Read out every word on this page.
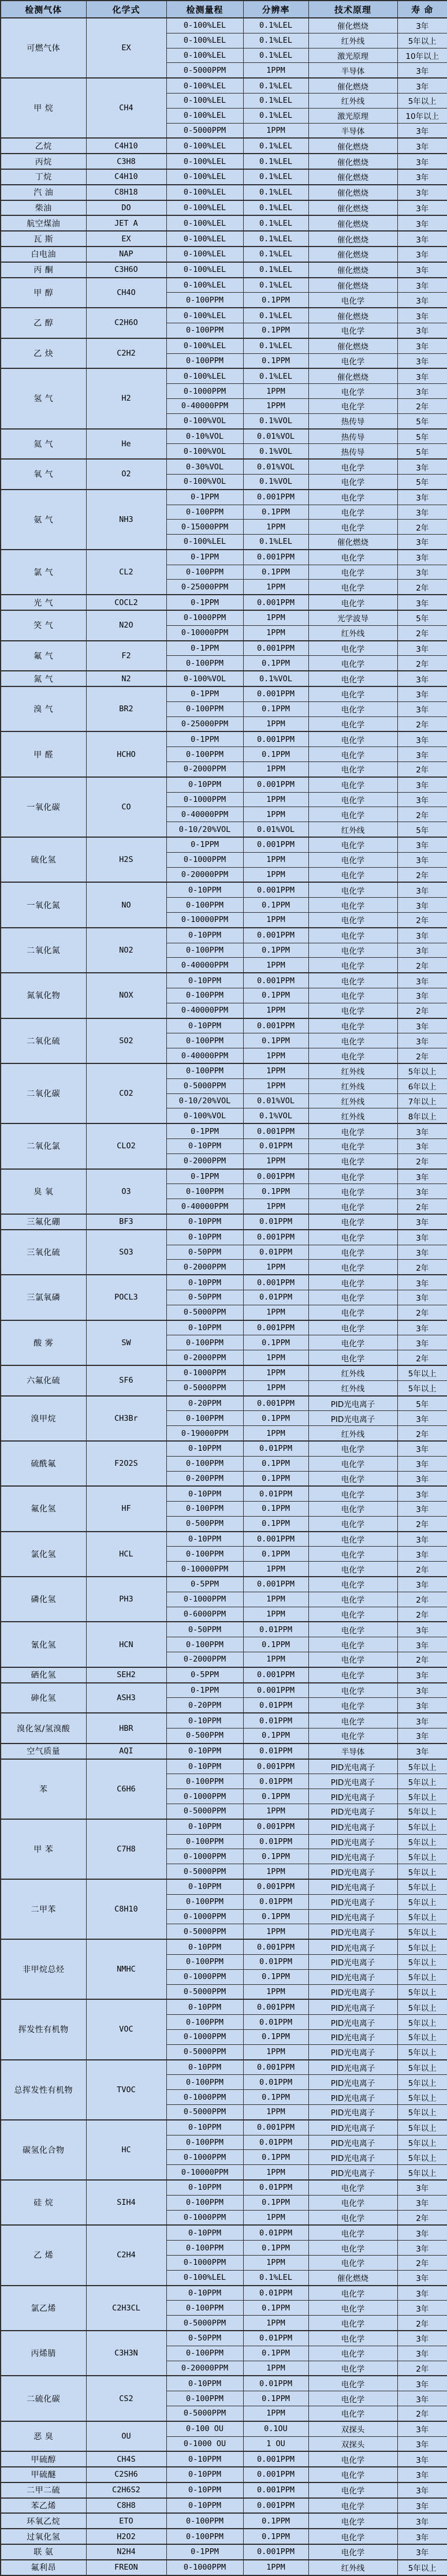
检测气体	化学式	检测量程	分辨率	技术原理	寿 命
可燃气体	EX	0-100%LEL	0.1%LEL	催化燃烧	3年
		0-100%LEL	0.1%LEL	红外线	5年以上
		0-100%LEL	0.1%LEL	激光原理	10年以上
		0-5000PPM	1PPM	半导体	3年
甲 烷	CH4	0-100%LEL	0.1%LEL	催化燃烧	3年
		0-100%LEL	0.1%LEL	红外线	5年以上
		0-100%LEL	0.1%LEL	激光原理	10年以上
		0-5000PPM	1PPM	半导体	3年
乙烷	C4H10	0-100%LEL	0.1%LEL	催化燃烧	3年
丙烷	C3H8	0-100%LEL	0.1%LEL	催化燃烧	3年
丁烷	C4H10	0-100%LEL	0.1%LEL	催化燃烧	3年
汽 油	C8H18	0-100%LEL	0.1%LEL	催化燃烧	3年
柴油	DO	0-100%LEL	0.1%LEL	催化燃烧	3年
航空煤油	JET A	0-100%LEL	0.1%LEL	催化燃烧	3年
瓦 斯	EX	0-100%LEL	0.1%LEL	催化燃烧	3年
白电油	NAP	0-100%LEL	0.1%LEL	催化燃烧	3年
丙 酮	C3H6O	0-100%LEL	0.1%LEL	催化燃烧	3年
甲 醇	CH4O	0-100%LEL	0.1%LEL	催化燃烧	3年
		0-100PPM	0.1PPM	电化学	3年
乙 醇	C2H6O	0-100%LEL	0.1%LEL	催化燃烧	3年
		0-100PPM	0.1PPM	电化学	3年
乙 炔	C2H2	0-100%LEL	0.1%LEL	催化燃烧	3年
		0-100PPM	0.1PPM	电化学	3年
氢 气	H2	0-100%LEL	0.1%LEL	催化燃烧	3年
		0-1000PPM	1PPM	电化学	3年
		0-40000PPM	1PPM	电化学	2年
		0-100%VOL	0.1%VOL	热传导	5年
氦 气	He	0-10%VOL	0.01%VOL	热传导	5年
		0-100%VOL	0.1%VOL	热传导	5年
氧 气	O2	0-30%VOL	0.01%VOL	电化学	3年
		0-100%VOL	0.1%VOL	电化学	5年
氨 气	NH3	0-1PPM	0.001PPM	电化学	3年
		0-100PPM	0.1PPM	电化学	3年
		0-15000PPM	1PPM	电化学	2年
		0-100%LEL	0.1%LEL	催化燃烧	3年
氯 气	CL2	0-1PPM	0.001PPM	电化学	3年
		0-100PPM	0.1PPM	电化学	3年
		0-25000PPM	1PPM	电化学	2年
光 气	COCL2	0-1PPM	0.001PPM	电化学	3年
笑 气	N2O	0-1000PPM	1PPM	光学波导	5年
		0-10000PPM	1PPM	红外线	2年
氟 气	F2	0-1PPM	0.001PPM	电化学	3年
		0-100PPM	0.1PPM	电化学	2年
氮 气	N2	0-100%VOL	0.1%VOL	电化学	3年
溴 气	BR2	0-1PPM	0.001PPM	电化学	3年
		0-100PPM	0.1PPM	电化学	3年
		0-25000PPM	1PPM	电化学	2年
甲 醛	HCHO	0-1PPM	0.001PPM	电化学	3年
		0-100PPM	0.1PPM	电化学	3年
		0-2000PPM	1PPM	电化学	2年
一氧化碳	CO	0-10PPM	0.001PPM	电化学	3年
		0-1000PPM	1PPM	电化学	3年
		0-40000PPM	1PPM	电化学	2年
		0-10/20%VOL	0.01%VOL	红外线	5年
硫化氢	H2S	0-1PPM	0.001PPM	电化学	3年
		0-1000PPM	1PPM	电化学	3年
		0-20000PPM	1PPM	电化学	2年
一氧化氮	NO	0-10PPM	0.001PPM	电化学	3年
		0-100PPM	0.1PPM	电化学	3年
		0-10000PPM	1PPM	电化学	2年
二氧化氮	NO2	0-10PPM	0.001PPM	电化学	3年
		0-100PPM	0.1PPM	电化学	3年
		0-40000PPM	1PPM	电化学	2年
氮氧化物	NOX	0-10PPM	0.001PPM	电化学	3年
		0-100PPM	0.1PPM	电化学	3年
		0-40000PPM	1PPM	电化学	2年
二氧化硫	SO2	0-10PPM	0.001PPM	电化学	3年
		0-100PPM	0.1PPM	电化学	3年
		0-40000PPM	1PPM	电化学	2年
二氧化碳	CO2	0-100PPM	1PPM	红外线	5年以上
		0-5000PPM	1PPM	红外线	6年以上
		0-10/20%VOL	0.01%VOL	红外线	7年以上
		0-100%VOL	0.1%VOL	红外线	8年以上
二氧化氯	CLO2	0-1PPM	0.001PPM	电化学	3年
		0-10PPM	0.01PPM	电化学	3年
		0-2000PPM	1PPM	电化学	2年
臭 氧	O3	0-1PPM	0.001PPM	电化学	3年
		0-100PPM	0.1PPM	电化学	3年
		0-40000PPM	1PPM	电化学	2年
三氟化硼	BF3	0-10PPM	0.01PPM	电化学	3年
三氧化硫	SO3	0-10PPM	0.001PPM	电化学	3年
		0-50PPM	0.01PPM	电化学	3年
		0-2000PPM	1PPM	电化学	2年
三氯氧磷	POCL3	0-10PPM	0.001PPM	电化学	3年
		0-50PPM	0.01PPM	电化学	3年
		0-5000PPM	1PPM	电化学	2年
酸 雾	SW	0-10PPM	0.001PPM	电化学	3年
		0-100PPM	0.1PPM	电化学	3年
		0-2000PPM	1PPM	电化学	2年
六氟化硫	SF6	0-1000PPM	1PPM	红外线	5年以上
		0-5000PPM	1PPM	红外线	5年以上
溴甲烷	CH3Br	0-20PPM	0.001PPM	PID光电离子	5年
		0-100PPM	0.1PPM	PID光电离子	3年
		0-19000PPM	1PPM	红外线	2年
硫酰氟	F2O2S	0-10PPM	0.01PPM	电化学	3年
		0-100PPM	0.1PPM	电化学	3年
		0-200PPM	0.1PPM	电化学	3年
氟化氢	HF	0-10PPM	0.01PPM	电化学	3年
		0-100PPM	0.1PPM	电化学	3年
		0-500PPM	0.1PPM	电化学	2年
氯化氢	HCL	0-10PPM	0.001PPM	电化学	3年
		0-100PPM	0.1PPM	电化学	3年
		0-10000PPM	1PPM	电化学	2年
磷化氢	PH3	0-5PPM	0.001PPM	电化学	3年
		0-1000PPM	1PPM	电化学	2年
		0-6000PPM	1PPM	电化学	2年
氰化氢	HCN	0-50PPM	0.01PPM	电化学	3年
		0-100PPM	0.1PPM	电化学	3年
		0-2000PPM	1PPM	电化学	2年
硒化氢	SEH2	0-5PPM	0.001PPM	电化学	3年
砷化氢	ASH3	0-1PPM	0.001PPM	电化学	3年
		0-20PPM	0.01PPM	电化学	3年
溴化氢/氢溴酸	HBR	0-10PPM	0.01PPM	电化学	3年
		0-500PPM	0.1PPM	电化学	3年
空气质量	AQI	0-10PPM	0.01PPM	半导体	3年
苯	C6H6	0-10PPM	0.001PPM	PID光电离子	5年以上
		0-100PPM	0.01PPM	PID光电离子	5年以上
		0-1000PPM	0.1PPM	PID光电离子	5年以上
		0-5000PPM	1PPM	PID光电离子	5年以上
甲 苯	C7H8	0-10PPM	0.001PPM	PID光电离子	5年以上
		0-100PPM	0.01PPM	PID光电离子	5年以上
		0-1000PPM	0.1PPM	PID光电离子	5年以上
		0-5000PPM	1PPM	PID光电离子	5年以上
二甲苯	C8H10	0-10PPM	0.001PPM	PID光电离子	5年以上
		0-100PPM	0.01PPM	PID光电离子	5年以上
		0-1000PPM	0.1PPM	PID光电离子	5年以上
		0-5000PPM	1PPM	PID光电离子	5年以上
非甲烷总烃	NMHC	0-10PPM	0.001PPM	PID光电离子	5年以上
		0-100PPM	0.01PPM	PID光电离子	5年以上
		0-1000PPM	0.1PPM	PID光电离子	5年以上
		0-5000PPM	1PPM	PID光电离子	5年以上
挥发性有机物	VOC	0-10PPM	0.001PPM	PID光电离子	5年以上
		0-100PPM	0.01PPM	PID光电离子	5年以上
		0-1000PPM	0.1PPM	PID光电离子	5年以上
		0-5000PPM	1PPM	PID光电离子	5年以上
总挥发性有机物	TVOC	0-10PPM	0.001PPM	PID光电离子	5年以上
		0-100PPM	0.01PPM	PID光电离子	5年以上
		0-1000PPM	0.1PPM	PID光电离子	5年以上
		0-5000PPM	1PPM	PID光电离子	5年以上
碳氢化合物	HC	0-10PPM	0.001PPM	PID光电离子	5年以上
		0-100PPM	0.01PPM	PID光电离子	5年以上
		0-1000PPM	0.1PPM	PID光电离子	5年以上
		0-10000PPM	1PPM	PID光电离子	5年以上
硅 烷	SIH4	0-10PPM	0.01PPM	电化学	3年
		0-100PPM	0.1PPM	电化学	3年
		0-1000PPM	1PPM	电化学	2年
乙 烯	C2H4	0-10PPM	0.01PPM	电化学	3年
		0-100PPM	0.1PPM	电化学	3年
		0-1000PPM	1PPM	电化学	2年
		0-100%LEL	0.1%LEL	催化燃烧	3年
氯乙烯	C2H3CL	0-10PPM	0.01PPM	电化学	3年
		0-100PPM	0.1PPM	电化学	3年
		0-5000PPM	1PPM	电化学	2年
丙烯腈	C3H3N	0-50PPM	0.01PPM	电化学	3年
		0-100PPM	0.1PPM	电化学	3年
		0-20000PPM	1PPM	电化学	2年
二硫化碳	CS2	0-10PPM	0.01PPM	电化学	3年
		0-100PPM	0.1PPM	电化学	3年
		0-5000PPM	1PPM	电化学	2年
恶 臭	OU	0-100 OU	0.1OU	双探头	3年
		0-1000 OU	1 OU	双探头	3年
甲硫醇	CH4S	0-10PPM	0.001PPM	电化学	3年
甲硫醚	C2SH6	0-10PPM	0.001PPM	电化学	3年
二甲二硫	C2H6S2	0-10PPM	0.001PPM	电化学	3年
苯乙烯	C8H8	0-10PPM	0.001PPM	电化学	3年
环氧乙烷	ETO	0-100PPM	0.1PPM	电化学	3年
过氧化氢	H2O2	0-100PPM	0.1PPM	电化学	3年
联 氨	N2H4	0-1PPM	0.001PPM	电化学	3年
氟利昂	FREON	0-1000PPM	1PPM	红外线	5年以上
